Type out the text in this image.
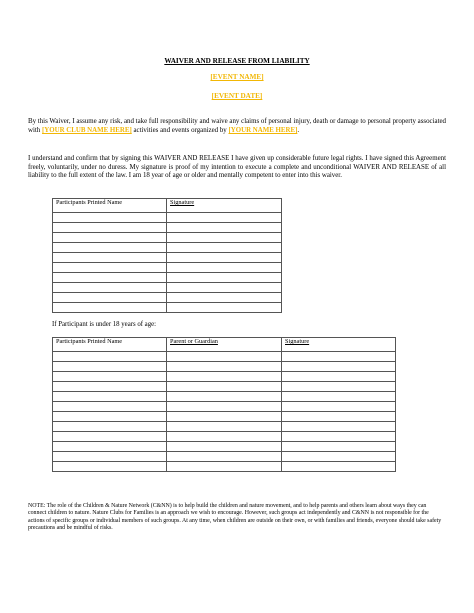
WAIVER AND RELEASE FROM LIABILITY
[EVENT NAME]
[EVENT DATE]
By this Waiver, I assume any risk, and take full responsibility and waive any claims of personal injury, death or damage to personal property associated with [YOUR CLUB NAME HERE] activities and events organized by [YOUR NAME HERE].
I understand and confirm that by signing this WAIVER AND RELEASE I have given up considerable future legal rights. I have signed this Agreement freely, voluntarily, under no duress. My signature is proof of my intention to execute a complete and unconditional WAIVER AND RELEASE of all liability to the full extent of the law. I am 18 year of age or older and mentally competent to enter into this waiver.
Participants Printed Name	Signature

If Participant is under 18 years of age:
Participants Printed Name	Parent or Guardian	Signature

NOTE: The role of the Children & Nature Network (C&NN) is to help build the children and nature movement, and to help parents and others learn about ways they can connect children to nature. Nature Clubs for Families is an approach we wish to encourage. However, such groups act independently and C&NN is not responsible for the actions of specific groups or individual members of such groups. At any time, when children are outside on their own, or with families and friends, everyone should take safety precautions and be mindful of risks.
